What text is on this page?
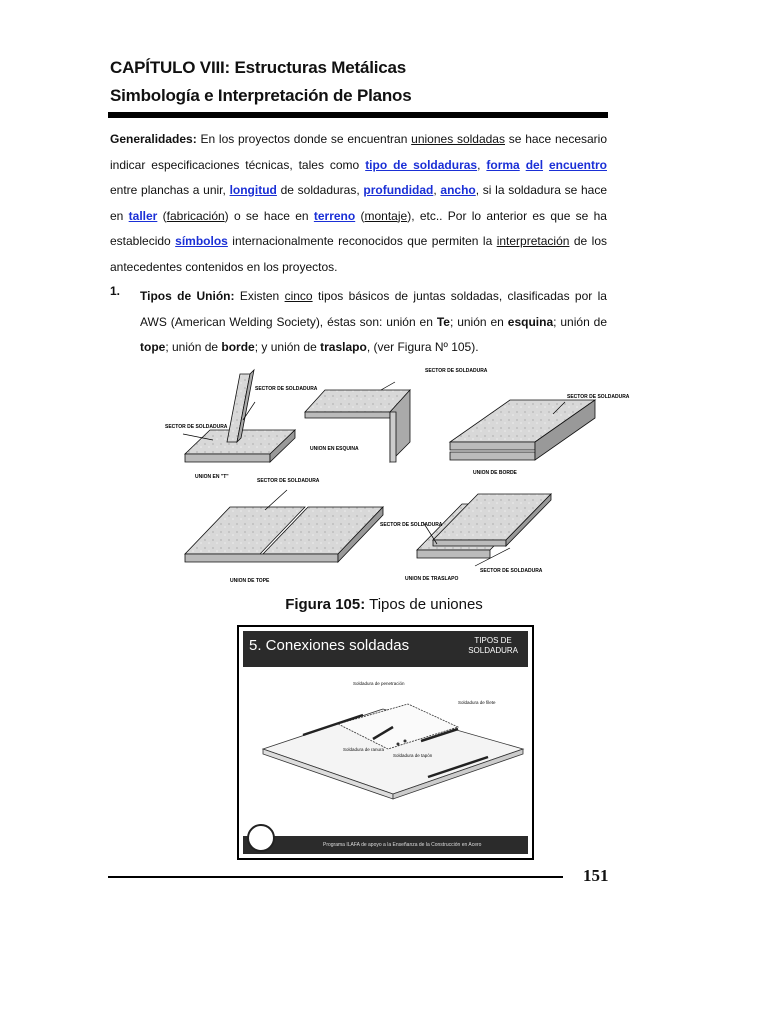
CAPÍTULO VIII: Estructuras Metálicas
Simbología e Interpretación de Planos

Generalidades: En los proyectos donde se encuentran uniones soldadas se hace necesario indicar especificaciones técnicas, tales como tipo de soldaduras, forma del encuentro entre planchas a unir, longitud de soldaduras, profundidad, ancho, si la soldadura se hace en taller (fabricación) o se hace en terreno (montaje), etc.. Por lo anterior es que se ha establecido símbolos internacionalmente reconocidos que permiten la interpretación de los antecedentes contenidos en los proyectos.

1. Tipos de Unión: Existen cinco tipos básicos de juntas soldadas, clasificadas por la AWS (American Welding Society), éstas son: unión en Te; unión en esquina; unión de tope; unión de borde; y unión de traslapo, (ver Figura Nº 105).
SECTOR DE SOLDADURA
SECTOR DE SOLDADURA
SECTOR DE SOLDADURA
SECTOR DE SOLDADURA
SECTOR DE SOLDADURA
SECTOR DE SOLDADURA
SECTOR DE SOLDADURA
UNION EN "T"
UNION EN ESQUINA
UNION DE BORDE
UNION DE TOPE	UNION DE TRASLAPO
Figura 105: Tipos de uniones
5. Conexiones soldadas	TIPOS DE
SOLDADURA
Soldadura de penetración
Soldadura de filete
Soldadura de ranura
Soldadura de tapón
Programa ILAFA de apoyo a la Enseñanza de la Construcción en Acero
151
